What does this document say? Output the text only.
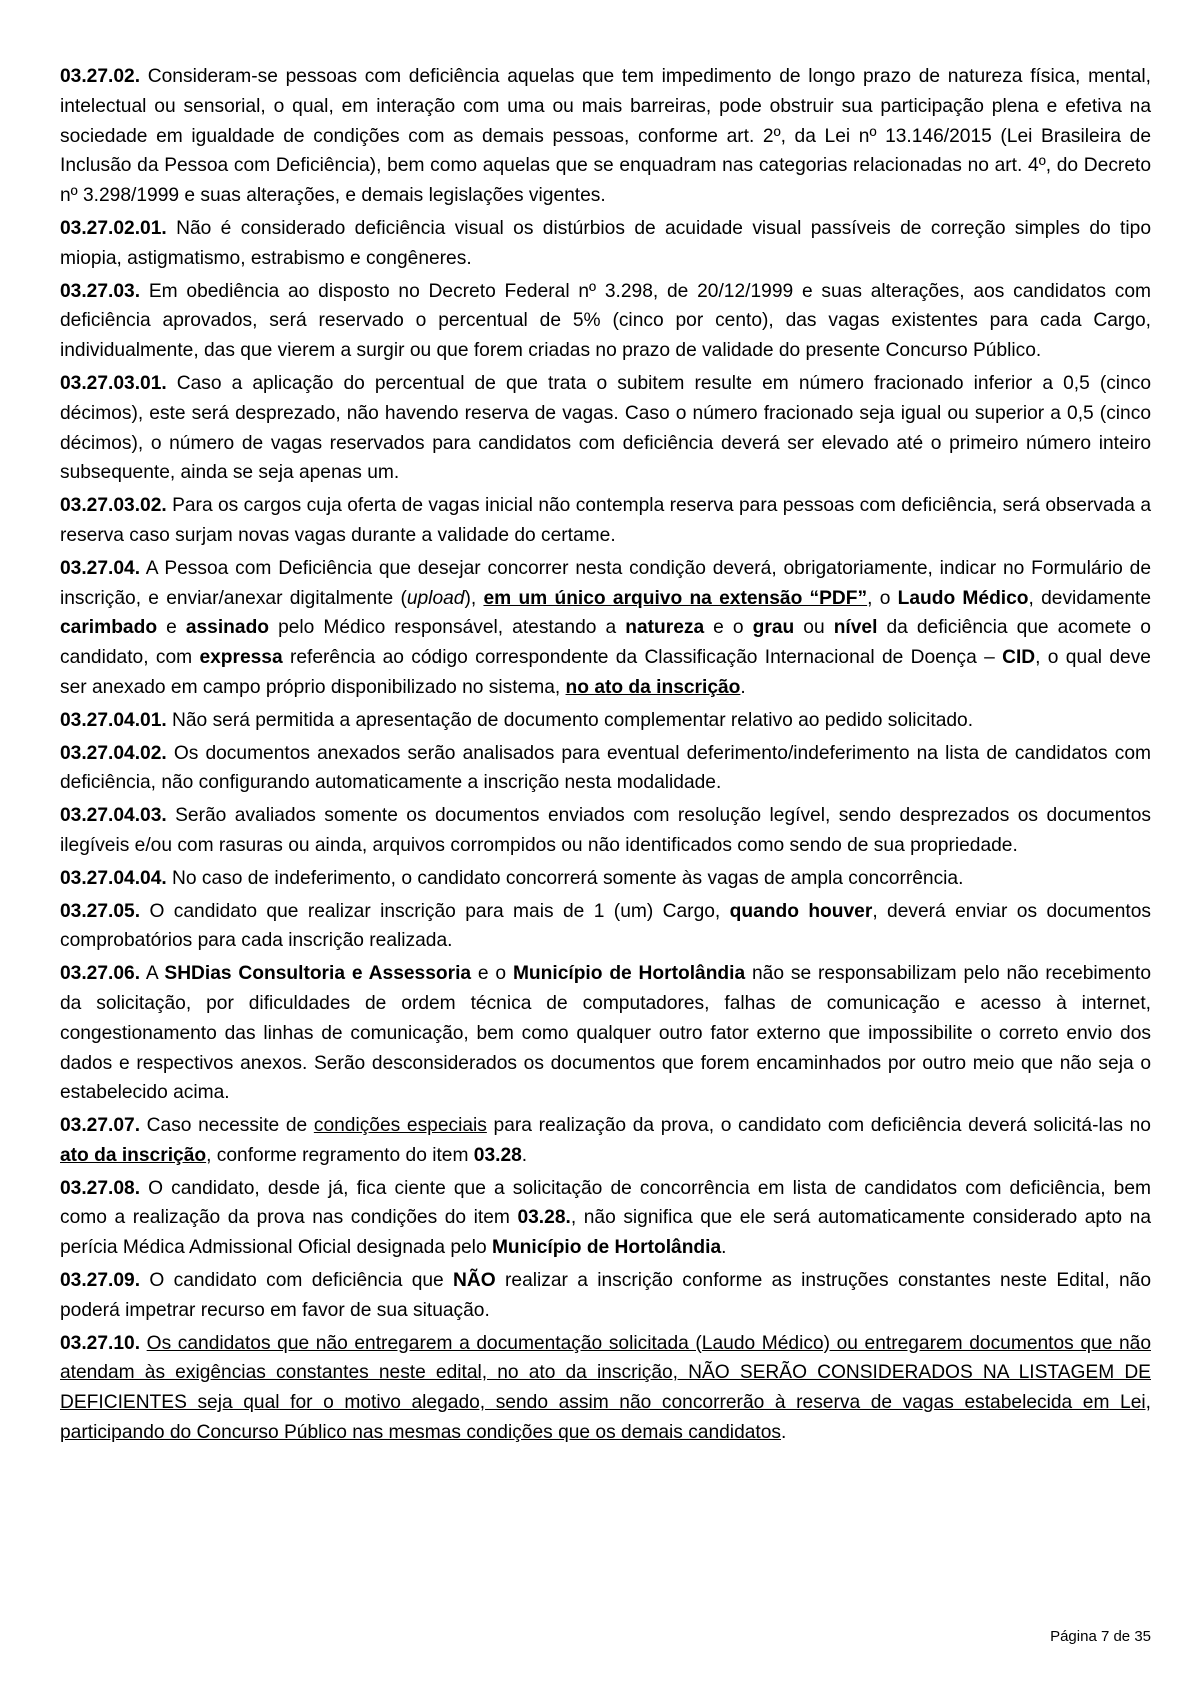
03.27.02. Consideram-se pessoas com deficiência aquelas que tem impedimento de longo prazo de natureza física, mental, intelectual ou sensorial, o qual, em interação com uma ou mais barreiras, pode obstruir sua participação plena e efetiva na sociedade em igualdade de condições com as demais pessoas, conforme art. 2º, da Lei nº 13.146/2015 (Lei Brasileira de Inclusão da Pessoa com Deficiência), bem como aquelas que se enquadram nas categorias relacionadas no art. 4º, do Decreto nº 3.298/1999 e suas alterações, e demais legislações vigentes.

03.27.02.01. Não é considerado deficiência visual os distúrbios de acuidade visual passíveis de correção simples do tipo miopia, astigmatismo, estrabismo e congêneres.

03.27.03. Em obediência ao disposto no Decreto Federal nº 3.298, de 20/12/1999 e suas alterações, aos candidatos com deficiência aprovados, será reservado o percentual de 5% (cinco por cento), das vagas existentes para cada Cargo, individualmente, das que vierem a surgir ou que forem criadas no prazo de validade do presente Concurso Público.

03.27.03.01. Caso a aplicação do percentual de que trata o subitem resulte em número fracionado inferior a 0,5 (cinco décimos), este será desprezado, não havendo reserva de vagas. Caso o número fracionado seja igual ou superior a 0,5 (cinco décimos), o número de vagas reservados para candidatos com deficiência deverá ser elevado até o primeiro número inteiro subsequente, ainda se seja apenas um.

03.27.03.02. Para os cargos cuja oferta de vagas inicial não contempla reserva para pessoas com deficiência, será observada a reserva caso surjam novas vagas durante a validade do certame.

03.27.04. A Pessoa com Deficiência que desejar concorrer nesta condição deverá, obrigatoriamente, indicar no Formulário de inscrição, e enviar/anexar digitalmente (upload), em um único arquivo na extensão “PDF”, o Laudo Médico, devidamente carimbado e assinado pelo Médico responsável, atestando a natureza e o grau ou nível da deficiência que acomete o candidato, com expressa referência ao código correspondente da Classificação Internacional de Doença – CID, o qual deve ser anexado em campo próprio disponibilizado no sistema, no ato da inscrição.

03.27.04.01. Não será permitida a apresentação de documento complementar relativo ao pedido solicitado.

03.27.04.02. Os documentos anexados serão analisados para eventual deferimento/indeferimento na lista de candidatos com deficiência, não configurando automaticamente a inscrição nesta modalidade.

03.27.04.03. Serão avaliados somente os documentos enviados com resolução legível, sendo desprezados os documentos ilegíveis e/ou com rasuras ou ainda, arquivos corrompidos ou não identificados como sendo de sua propriedade.

03.27.04.04. No caso de indeferimento, o candidato concorrerá somente às vagas de ampla concorrência.

03.27.05. O candidato que realizar inscrição para mais de 1 (um) Cargo, quando houver, deverá enviar os documentos comprobatórios para cada inscrição realizada.

03.27.06. A SHDias Consultoria e Assessoria e o Município de Hortolândia não se responsabilizam pelo não recebimento da solicitação, por dificuldades de ordem técnica de computadores, falhas de comunicação e acesso à internet, congestionamento das linhas de comunicação, bem como qualquer outro fator externo que impossibilite o correto envio dos dados e respectivos anexos. Serão desconsiderados os documentos que forem encaminhados por outro meio que não seja o estabelecido acima.

03.27.07. Caso necessite de condições especiais para realização da prova, o candidato com deficiência deverá solicitá-las no ato da inscrição, conforme regramento do item 03.28.

03.27.08. O candidato, desde já, fica ciente que a solicitação de concorrência em lista de candidatos com deficiência, bem como a realização da prova nas condições do item 03.28., não significa que ele será automaticamente considerado apto na perícia Médica Admissional Oficial designada pelo Município de Hortolândia.

03.27.09. O candidato com deficiência que NÃO realizar a inscrição conforme as instruções constantes neste Edital, não poderá impetrar recurso em favor de sua situação.

03.27.10. Os candidatos que não entregarem a documentação solicitada (Laudo Médico) ou entregarem documentos que não atendam às exigências constantes neste edital, no ato da inscrição, NÃO SERÃO CONSIDERADOS NA LISTAGEM DE DEFICIENTES seja qual for o motivo alegado, sendo assim não concorrerão à reserva de vagas estabelecida em Lei, participando do Concurso Público nas mesmas condições que os demais candidatos.

Página 7 de 35
